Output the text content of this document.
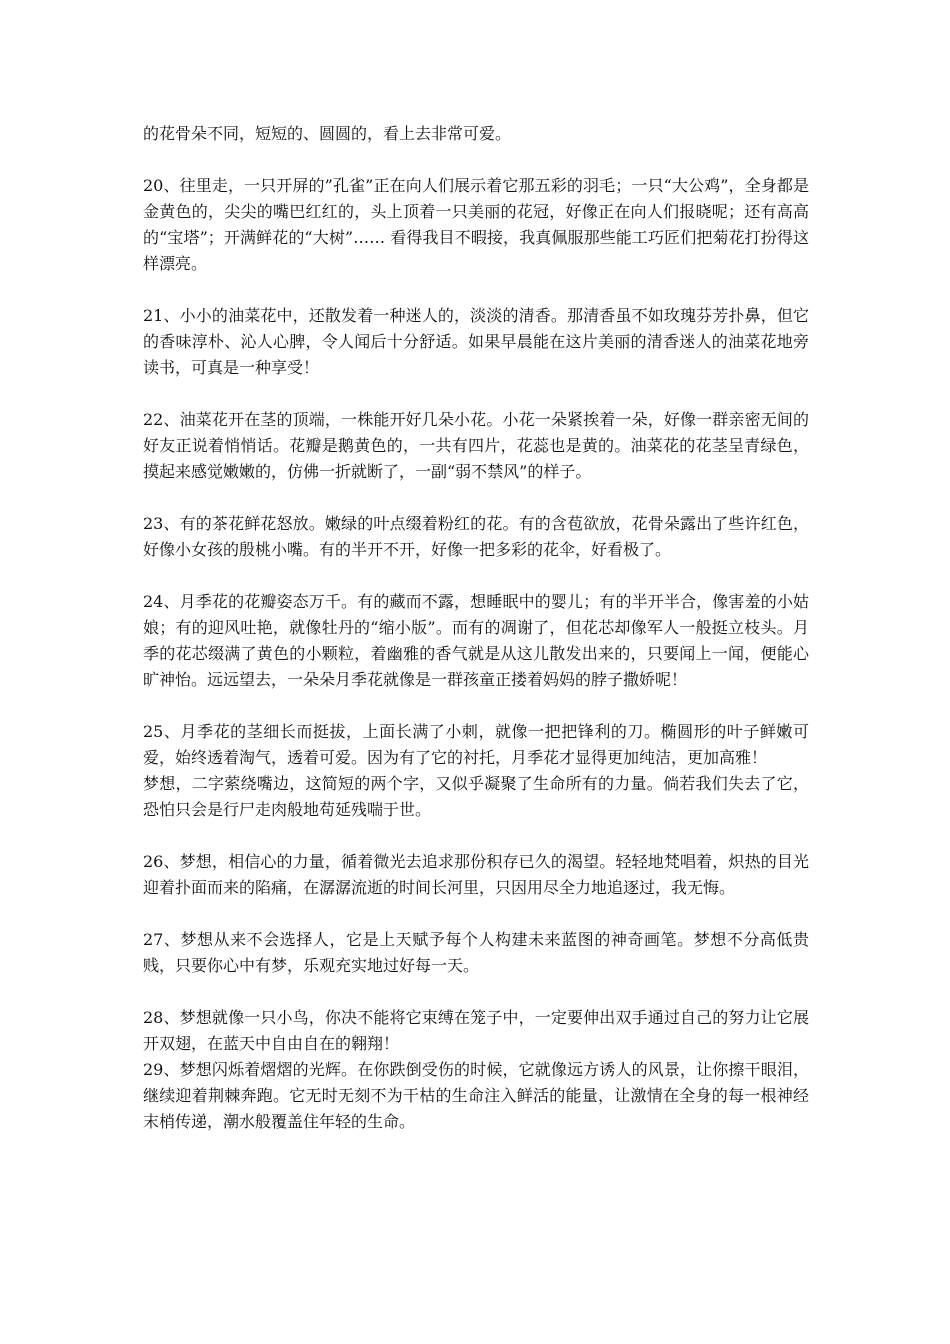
的花骨朵不同，短短的、圆圆的，看上去非常可爱。

20、往里走，一只开屏的”孔雀”正在向人们展示着它那五彩的羽毛；一只“大公鸡”，全身都是金黄色的，尖尖的嘴巴红红的，头上顶着一只美丽的花冠，好像正在向人们报晓呢；还有高高的“宝塔”；开满鲜花的“大树”…… 看得我目不暇接，我真佩服那些能工巧匠们把菊花打扮得这样漂亮。

21、小小的油菜花中，还散发着一种迷人的，淡淡的清香。那清香虽不如玫瑰芬芳扑鼻，但它的香味淳朴、沁人心脾，令人闻后十分舒适。如果早晨能在这片美丽的清香迷人的油菜花地旁读书，可真是一种享受！

22、油菜花开在茎的顶端，一株能开好几朵小花。小花一朵紧挨着一朵，好像一群亲密无间的好友正说着悄悄话。花瓣是鹅黄色的，一共有四片，花蕊也是黄的。油菜花的花茎呈青绿色，摸起来感觉嫩嫩的，仿佛一折就断了，一副“弱不禁风”的样子。

23、有的茶花鲜花怒放。嫩绿的叶点缀着粉红的花。有的含苞欲放，花骨朵露出了些许红色，好像小女孩的殷桃小嘴。有的半开不开，好像一把多彩的花伞，好看极了。

24、月季花的花瓣姿态万千。有的藏而不露，想睡眠中的婴儿；有的半开半合，像害羞的小姑娘；有的迎风吐艳，就像牡丹的“缩小版”。而有的凋谢了，但花芯却像军人一般挺立枝头。月季的花芯缀满了黄色的小颗粒，着幽雅的香气就是从这儿散发出来的，只要闻上一闻，便能心旷神怡。远远望去，一朵朵月季花就像是一群孩童正搂着妈妈的脖子撒娇呢！

25、月季花的茎细长而挺拔，上面长满了小刺，就像一把把锋利的刀。椭圆形的叶子鲜嫩可爱，始终透着淘气，透着可爱。因为有了它的衬托，月季花才显得更加纯洁，更加高雅！

梦想，二字萦绕嘴边，这简短的两个字，又似乎凝聚了生命所有的力量。倘若我们失去了它，恐怕只会是行尸走肉般地苟延残喘于世。

26、梦想，相信心的力量，循着微光去追求那份积存已久的渴望。轻轻地梵唱着，炽热的目光迎着扑面而来的陷痛，在潺潺流逝的时间长河里，只因用尽全力地追逐过，我无悔。

27、梦想从来不会选择人，它是上天赋予每个人构建未来蓝图的神奇画笔。梦想不分高低贵贱，只要你心中有梦，乐观充实地过好每一天。

28、梦想就像一只小鸟，你决不能将它束缚在笼子中，一定要伸出双手通过自己的努力让它展开双翅，在蓝天中自由自在的翱翔！

29、梦想闪烁着熠熠的光辉。在你跌倒受伤的时候，它就像远方诱人的风景，让你擦干眼泪，继续迎着荆棘奔跑。它无时无刻不为干枯的生命注入鲜活的能量，让激情在全身的每一根神经末梢传递，潮水般覆盖住年轻的生命。
